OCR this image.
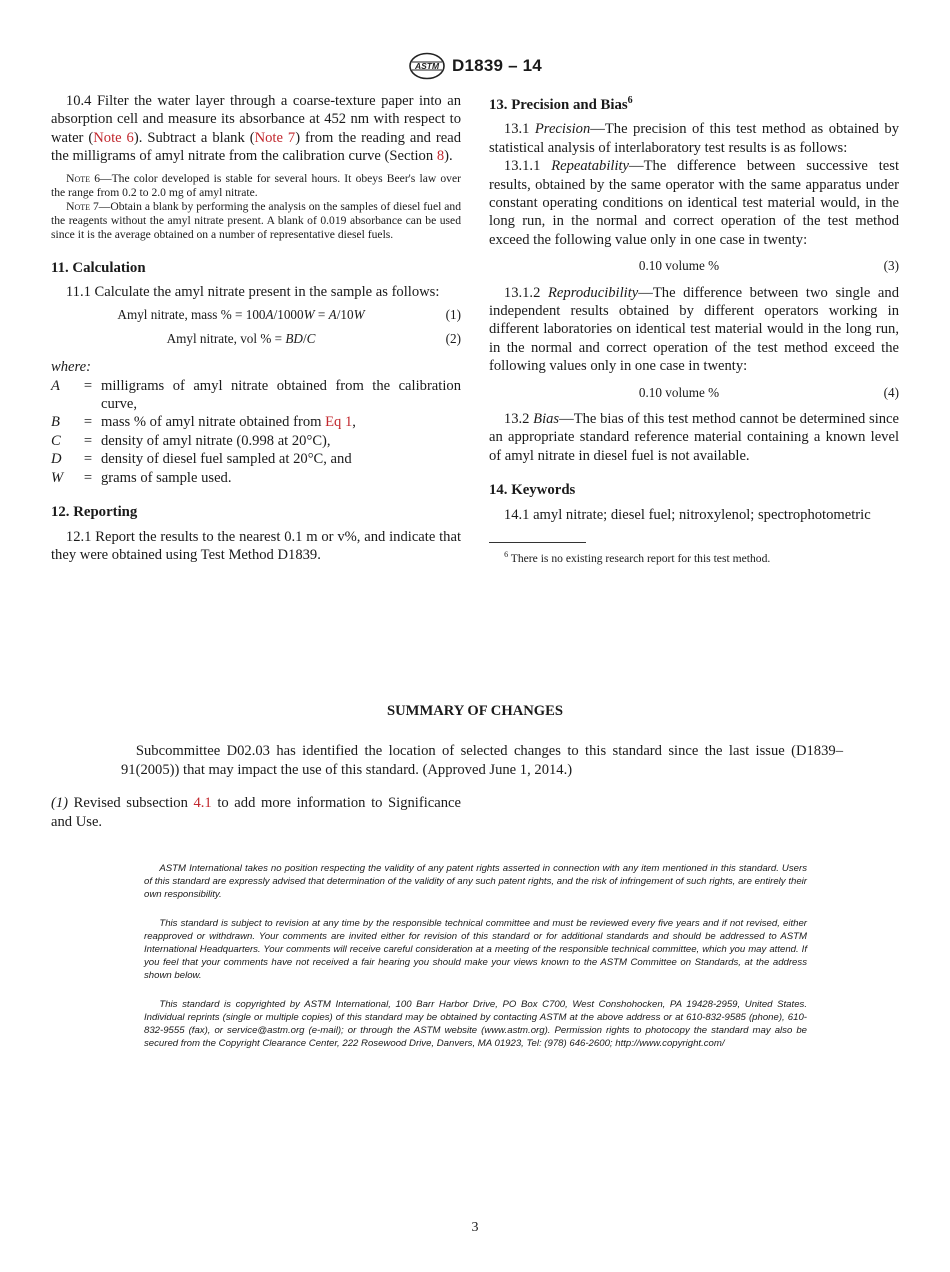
ASTM D1839 – 14

10.4 Filter the water layer through a coarse-texture paper into an absorption cell and measure its absorbance at 452 nm with respect to water (Note 6). Subtract a blank (Note 7) from the reading and read the milligrams of amyl nitrate from the calibration curve (Section 8).

Note 6—The color developed is stable for several hours. It obeys Beer's law over the range from 0.2 to 2.0 mg of amyl nitrate.

Note 7—Obtain a blank by performing the analysis on the samples of diesel fuel and the reagents without the amyl nitrate present. A blank of 0.019 absorbance can be used since it is the average obtained on a number of representative diesel fuels.

11. Calculation

11.1 Calculate the amyl nitrate present in the sample as follows:

Amyl nitrate, mass % = 100A/1000W = A/10W	(1)
Amyl nitrate, vol % = BD/C	(2)

where:

A	= milligrams of amyl nitrate obtained from the calibration curve,
B	= mass % of amyl nitrate obtained from Eq 1,
C	= density of amyl nitrate (0.998 at 20°C),
D	= density of diesel fuel sampled at 20°C, and
W	= grams of sample used.
12. Reporting

12.1 Report the results to the nearest 0.1 m or v%, and indicate that they were obtained using Test Method D1839.

13. Precision and Bias$^6$

13.1 Precision—The precision of this test method as obtained by statistical analysis of interlaboratory test results is as follows:

13.1.1 Repeatability—The difference between successive test results, obtained by the same operator with the same apparatus under constant operating conditions on identical test material would, in the long run, in the normal and correct operation of the test method exceed the following value only in one case in twenty:

0.10 volume %	(3)

13.1.2 Reproducibility—The difference between two single and independent results obtained by different operators working in different laboratories on identical test material would in the long run, in the normal and correct operation of the test method exceed the following values only in one case in twenty:

0.10 volume %	(4)

13.2 Bias—The bias of this test method cannot be determined since an appropriate standard reference material containing a known level of amyl nitrate in diesel fuel is not available.

14. Keywords

14.1 amyl nitrate; diesel fuel; nitroxylenol; spectrophotometric

$^6$ There is no existing research report for this test method.

SUMMARY OF CHANGES

Subcommittee D02.03 has identified the location of selected changes to this standard since the last issue (D1839–91(2005)) that may impact the use of this standard. (Approved June 1, 2014.)

(1) Revised subsection 4.1 to add more information to Significance and Use.

ASTM International takes no position respecting the validity of any patent rights asserted in connection with any item mentioned in this standard. Users of this standard are expressly advised that determination of the validity of any such patent rights, and the risk of infringement of such rights, are entirely their own responsibility.

This standard is subject to revision at any time by the responsible technical committee and must be reviewed every five years and if not revised, either reapproved or withdrawn. Your comments are invited either for revision of this standard or for additional standards and should be addressed to ASTM International Headquarters. Your comments will receive careful consideration at a meeting of the responsible technical committee, which you may attend. If you feel that your comments have not received a fair hearing you should make your views known to the ASTM Committee on Standards, at the address shown below.

This standard is copyrighted by ASTM International, 100 Barr Harbor Drive, PO Box C700, West Conshohocken, PA 19428-2959, United States. Individual reprints (single or multiple copies) of this standard may be obtained by contacting ASTM at the above address or at 610-832-9585 (phone), 610-832-9555 (fax), or service@astm.org (e-mail); or through the ASTM website (www.astm.org). Permission rights to photocopy the standard may also be secured from the Copyright Clearance Center, 222 Rosewood Drive, Danvers, MA 01923, Tel: (978) 646-2600; http://www.copyright.com/

3
